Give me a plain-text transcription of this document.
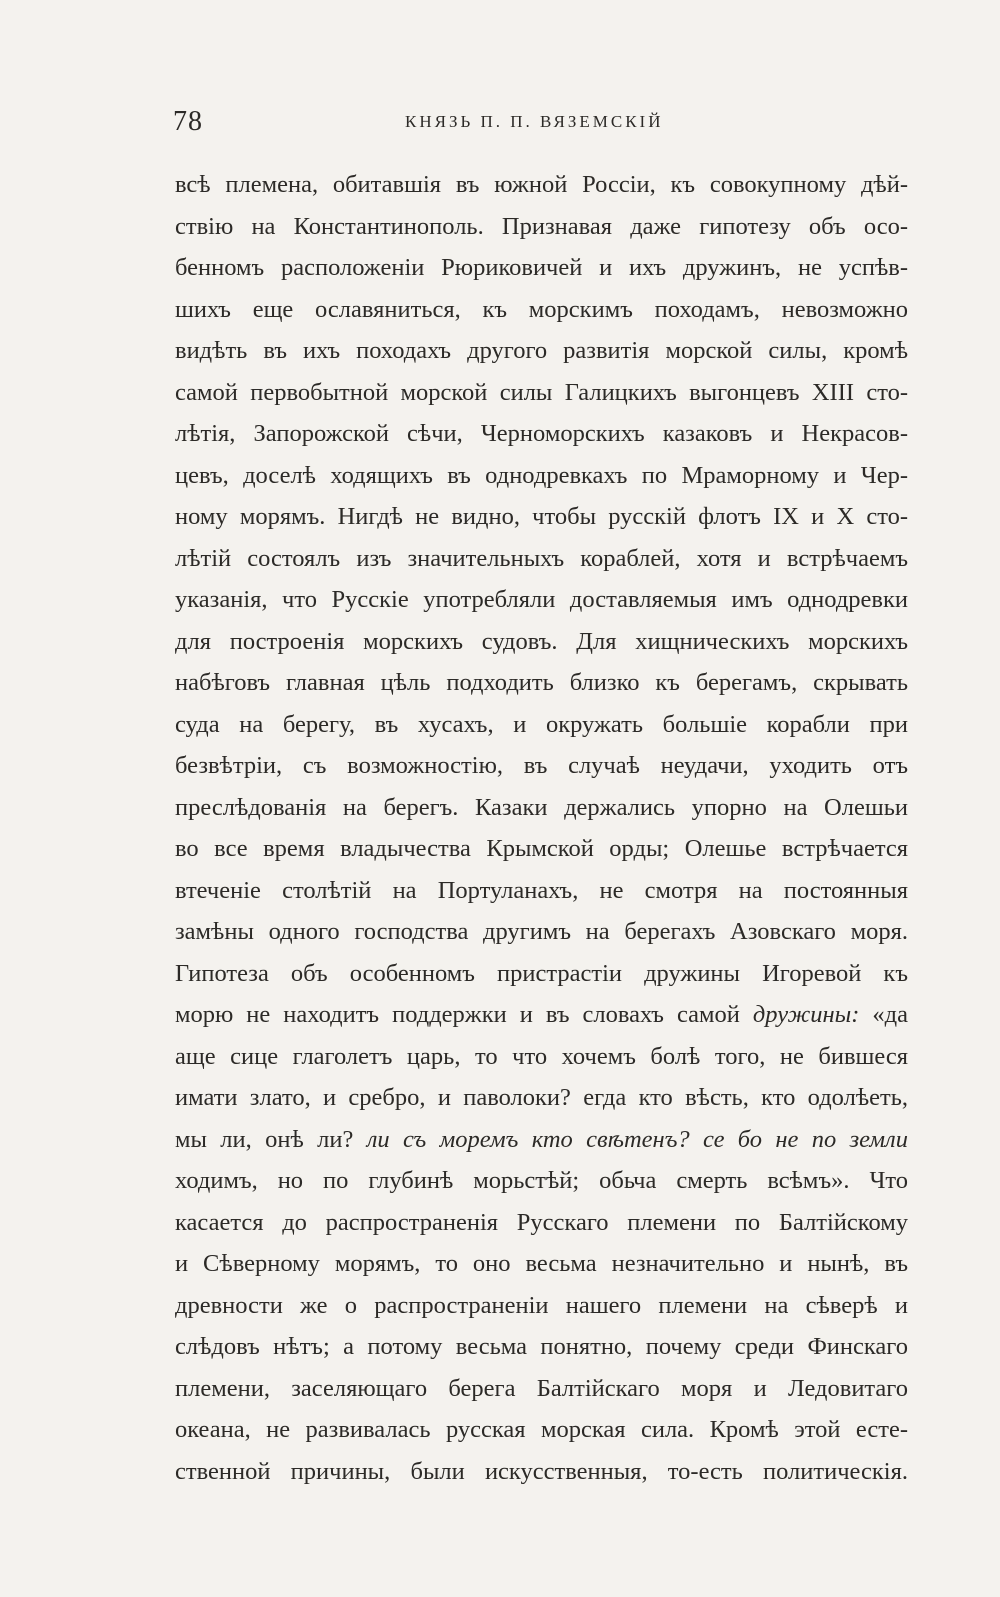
78	КНЯЗЬ П. П. ВЯЗЕМСКІЙ
всѣ племена, обитавшія въ южной Россіи, къ совокупному дѣй-
ствію на Константинополь. Признавая даже гипотезу объ осо-
бенномъ расположеніи Рюриковичей и ихъ дружинъ, не успѣв-
шихъ еще ославяниться, къ морскимъ походамъ, невозможно
видѣть въ ихъ походахъ другого развитія морской силы, кромѣ
самой первобытной морской силы Галицкихъ выгонцевъ XIII сто-
лѣтія, Запорожской сѣчи, Черноморскихъ казаковъ и Некрасов-
цевъ, доселѣ ходящихъ въ однодревкахъ по Мраморному и Чер-
ному морямъ. Нигдѣ не видно, чтобы русскій флотъ IX и X сто-
лѣтій состоялъ изъ значительныхъ кораблей, хотя и встрѣчаемъ
указанія, что Русскіе употребляли доставляемыя имъ однодревки
для построенія морскихъ судовъ. Для хищническихъ морскихъ
набѣговъ главная цѣль подходить близко къ берегамъ, скрывать
суда на берегу, въ хусахъ, и окружать большіе корабли при
безвѣтріи, съ возможностію, въ случаѣ неудачи, уходить отъ
преслѣдованія на берегъ. Казаки держались упорно на Олешьи
во все время владычества Крымской орды; Олешье встрѣчается
втеченіе столѣтій на Портуланахъ, не смотря на постоянныя
замѣны одного господства другимъ на берегахъ Азовскаго моря.
Гипотеза объ особенномъ пристрастіи дружины Игоревой къ
морю не находитъ поддержки и въ словахъ самой дружины: «да
аще сице глаголетъ царь, то что хочемъ болѣ того, не бившеся
имати злато, и сребро, и паволоки? егда кто вѣсть, кто одолѣеть,
мы ли, онѣ ли? ли съ моремъ кто свѣтенъ? се бо не по земли
ходимъ, но по глубинѣ морьстѣй; обьча смерть всѣмъ». Что
касается до распространенія Русскаго племени по Балтійскому
и Сѣверному морямъ, то оно весьма незначительно и нынѣ, въ
древности же о распространеніи нашего племени на сѣверѣ и
слѣдовъ нѣтъ; а потому весьма понятно, почему среди Финскаго
племени, заселяющаго берега Балтійскаго моря и Ледовитаго
океана, не развивалась русская морская сила. Кромѣ этой есте-
ственной причины, были искусственныя, то-есть политическія.
